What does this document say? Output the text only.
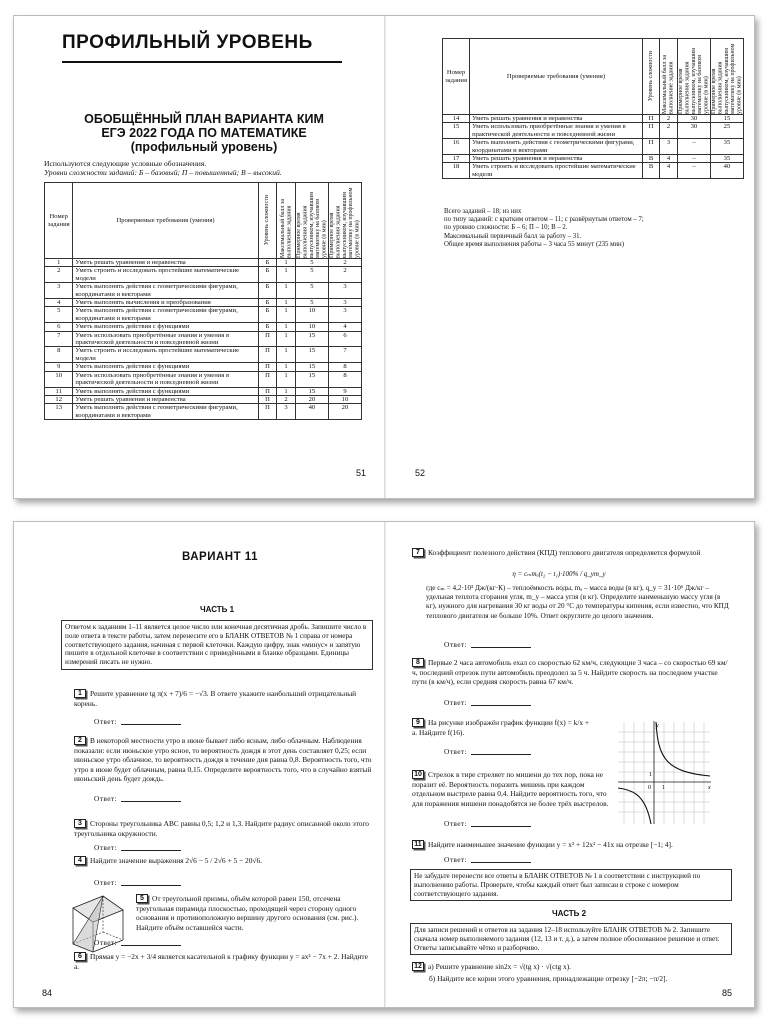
ПРОФИЛЬНЫЙ УРОВЕНЬ
ОБОБЩЁННЫЙ ПЛАН ВАРИАНТА КИМ
ЕГЭ 2022 ГОДА ПО МАТЕМАТИКЕ
(профильный уровень)
Используются следующие условные обозначения.
Уровни сложности заданий: Б – базовый; П – повышенный; В – высокий.
Номер задания	Проверяемые требования (умения)	Уровень сложности	Максимальный балл за выполнение задания	Примерное время выполнения задания выпускником, изучавшим математику на базовом уровне (в мин)	Примерное время выполнения задания выпускником, изучавшим математику на профильном уровне (в мин)

1	Уметь решать уравнения и неравенства	Б	1	5	2
2	Уметь строить и исследовать простейшие математические модели	Б	1	5	2
3	Уметь выполнять действия с геометрическими фигурами, координатами и векторами	Б	1	5	3
4	Уметь выполнять вычисления и преобразования	Б	1	5	3
5	Уметь выполнять действия с геометрическими фигурами, координатами и векторами	Б	1	10	3
6	Уметь выполнять действия с функциями	Б	1	10	4
7	Уметь использовать приобретённые знания и умения в практической деятельности и повседневной жизни	П	1	15	6
8	Уметь строить и исследовать простейшие математические модели	П	1	15	7
9	Уметь выполнять действия с функциями	П	1	15	8
10	Уметь использовать приобретённые знания и умения в практической деятельности и повседневной жизни	П	1	15	8
11	Уметь выполнять действия с функциями	П	1	15	9
12	Уметь решать уравнения и неравенства	П	2	20	10
13	Уметь выполнять действия с геометрическими фигурами, координатами и векторами	П	3	40	20
Номер задания	Проверяемые требования (умения)	Уровень сложности	Максимальный балл за выполнение задания	Примерное время выполнения задания выпускником, изучавшим математику на базовом уровне (в мин)	Примерное время выполнения задания выпускником, изучавшим математику на профильном уровне (в мин)

14	Уметь решать уравнения и неравенства	П	2	30	15
15	Уметь использовать приобретённые знания и умения в практической деятельности и повседневной жизни	П	2	30	25
16	Уметь выполнять действия с геометрическими фигурами, координатами и векторами	П	3	–	35
17	Уметь решать уравнения и неравенства	В	4	–	35
18	Уметь строить и исследовать простейшие математические модели	В	4	–	40
Всего заданий – 18; из них
по типу заданий: с кратким ответом – 11; с развёрнутым ответом – 7;
по уровню сложности: Б – 6; П – 10; В – 2.
Максимальный первичный балл за работу – 31.
Общее время выполнения работы – 3 часа 55 минут (235 мин)
51	52
ВАРИАНТ 11
ЧАСТЬ 1
Ответом к заданиям 1–11 является целое число или конечная десятичная дробь. Запишите число в поле ответа в тексте работы, затем перенесите его в БЛАНК ОТВЕТОВ № 1 справа от номера соответствующего задания, начиная с первой клеточки. Каждую цифру, знак «минус» и запятую пишите в отдельной клеточке в соответствии с приведёнными в бланке образцами. Единицы измерений писать не нужно.
1 Решите уравнение tg π(x + 7)/6 = −√3. В ответе укажите наибольший отрицательный корень.
Ответ:
2 В некоторой местности утро в июне бывает либо ясным, либо облачным. Наблюдения показали: если июньское утро ясное, то вероятность дождя в этот день составляет 0,25; если июньское утро облачное, то вероятность дождя в течение дня равна 0,8. Вероятность того, что утро в июне будет облачным, равна 0,15. Определите вероятность того, что в случайно взятый июньский день будет дождь.
Ответ:
3 Стороны треугольника ABC равны 0,5; 1,2 и 1,3. Найдите радиус описанной около этого треугольника окружности.
Ответ:
4 Найдите значение выражения 2√6 − 5 / 2√6 + 5 − 20√6.
Ответ:
5 От треугольной призмы, объём которой равен 150, отсечена треугольная пирамида плоскостью, проходящей через сторону одного основания и противоположную вершину другого основания (см. рис.). Найдите объём оставшейся части.
Ответ:
6 Прямая y = −2x + 3/4 является касательной к графику функции y = ax² − 7x + 2. Найдите a.
7 Коэффициент полезного действия (КПД) теплового двигателя определяется формулой
η = cₘmₐ(t₂ − t₁)·100% / q_уm_у
где cₘ = 4,2·10³ Дж/(кг·К) – теплоёмкость воды, mₐ – масса воды (в кг), q_у = 31·10⁶ Дж/кг – удельная теплота сгорания угля, m_у – масса угля (в кг). Определите наименьшую массу угля (в кг), нужного для нагревания 30 кг воды от 20 °С до температуры кипения, если известно, что КПД теплового двигателя не больше 10%. Ответ округлите до целого значения.
Ответ:
8 Первые 2 часа автомобиль ехал со скоростью 62 км/ч, следующие 3 часа – со скоростью 69 км/ч, последний отрезок пути автомобиль преодолел за 5 ч. Найдите скорость на последнем участке пути (в км/ч), если средняя скорость равна 67 км/ч.
Ответ:
9 На рисунке изображён график функции f(x) = k/x + a. Найдите f(16).
Ответ:
y
x
0 1
1
10 Стрелок в тире стреляет по мишени до тех пор, пока не поразит её. Вероятность поразить мишень при каждом отдельном выстреле равна 0,4. Найдите вероятность того, что для поражения мишени понадобятся не более трёх выстрелов.
Ответ:
11 Найдите наименьшее значение функции y = x³ + 12x² − 41x на отрезке [−1; 4].
Ответ:
Не забудьте перенести все ответы в БЛАНК ОТВЕТОВ № 1 в соответствии с инструкцией по выполнению работы. Проверьте, чтобы каждый ответ был записан в строке с номером соответствующего задания.
ЧАСТЬ 2
Для записи решений и ответов на задания 12–18 используйте БЛАНК ОТВЕТОВ № 2. Запишите сначала номер выполняемого задания (12, 13 и т. д.), а затем полное обоснованное решение и ответ. Ответы записывайте чётко и разборчиво.
12 а) Решите уравнение sin2x = √(tg x) · √(ctg x).
б) Найдите все корни этого уравнения, принадлежащие отрезку [−2π; −π/2].
84	85
